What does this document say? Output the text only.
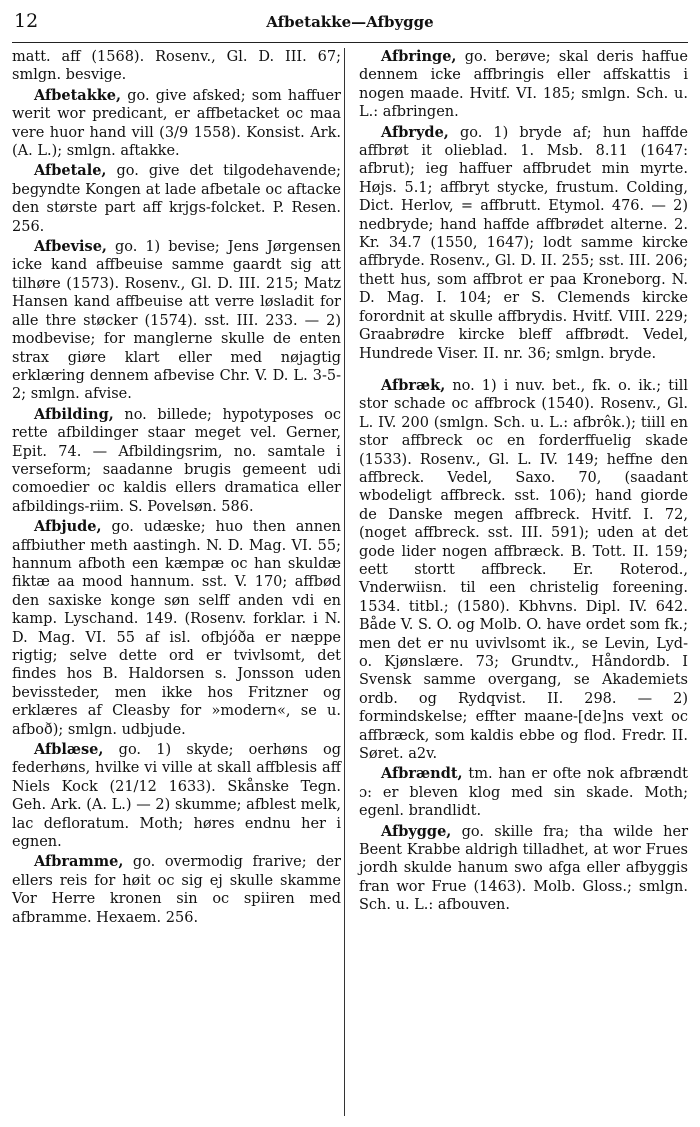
12	Afbetakke—Afbygge

matt. aff (1568). Rosenv., Gl. D. III. 67; smlgn. besvige.

Afbetakke, go. give afsked; som haffuer werit wor predicant, er affbetacket oc maa vere huor hand vill (3/9 1558). Konsist. Ark. (A. L.); smlgn. aftakke.

Afbetale, go. give det tilgodehavende; begyndte Kongen at lade afbetale oc aftacke den største part aff krjgs-folcket. P. Resen. 256.

Afbevise, go. 1) bevise; Jens Jørgensen icke kand affbeuise samme gaardt sig att tilhøre (1573). Rosenv., Gl. D. III. 215; Matz Hansen kand affbeuise att verre løsladit for alle thre støcker (1574). sst. III. 233. — 2) modbevise; for manglerne skulle de enten strax giøre klart eller med nøjagtig erklæring dennem afbevise Chr. V. D. L. 3-5-2; smlgn. afvise.

Afbilding, no. billede; hypotyposes oc rette afbildinger staar meget vel. Gerner, Epit. 74. — Afbildingsrim, no. samtale i verseform; saadanne brugis gemeent udi comoedier oc kaldis ellers dramatica eller afbildings-riim. S. Povelsøn. 586.

Afbjude, go. udæske; huo then annen affbiuther meth aastingh. N. D. Mag. VI. 55; hannum afboth een kæmpæ oc han skuldæ fiktæ aa mood hannum. sst. V. 170; affbød den saxiske konge søn selff anden vdi en kamp. Lyschand. 149. (Rosenv. forklar. i N. D. Mag. VI. 55 af isl. ofbjóða er næppe rigtig; selve dette ord er tvivlsomt, det findes hos B. Haldorsen s. Jonsson uden bevissteder, men ikke hos Fritzner og erklæres af Cleasby for »modern«, se u. afboð); smlgn. udbjude.

Afblæse, go. 1) skyde; oerhøns og federhøns, hvilke vi ville at skall affblesis aff Niels Kock (21/12 1633). Skånske Tegn. Geh. Ark. (A. L.) — 2) skumme; afblest melk, lac defloratum. Moth; høres endnu her i egnen.

Afbramme, go. overmodig frarive; der ellers reis for høit oc sig ej skulle skamme Vor Herre kronen sin oc spiiren med afbramme. Hexaem. 256.

Afbringe, go. berøve; skal deris haffue dennem icke affbringis eller affskattis i nogen maade. Hvitf. VI. 185; smlgn. Sch. u. L.: afbringen.

Afbryde, go. 1) bryde af; hun haffde affbrøt it olieblad. 1. Msb. 8.11 (1647: afbrut); ieg haffuer affbrudet min myrte. Højs. 5.1; affbryt stycke, frustum. Colding, Dict. Herlov, = affbrutt. Etymol. 476. — 2) nedbryde; hand haffde affbrødet alterne. 2. Kr. 34.7 (1550, 1647); lodt samme kircke affbryde. Rosenv., Gl. D. II. 255; sst. III. 206; thett hus, som affbrot er paa Kroneborg. N. D. Mag. I. 104; er S. Clemends kircke forordnit at skulle affbrydis. Hvitf. VIII. 229; Graabrødre kircke bleff affbrødt. Vedel, Hundrede Viser. II. nr. 36; smlgn. bryde.

Afbræk, no. 1) i nuv. bet., fk. o. ik.; till stor schade oc affbrock (1540). Rosenv., Gl. L. IV. 200 (smlgn. Sch. u. L.: afbrôk.); tiill en stor affbreck oc en forderffuelig skade (1533). Rosenv., Gl. L. IV. 149; heffne den affbreck. Vedel, Saxo. 70, (saadant wbodeligt affbreck. sst. 106); hand giorde de Danske megen affbreck. Hvitf. I. 72, (noget affbreck. sst. III. 591); uden at det gode lider nogen affbræck. B. Tott. II. 159; eett stortt affbreck. Er. Roterod., Vnderwiisn. til een christelig foreening. 1534. titbl.; (1580). Kbhvns. Dipl. IV. 642. Både V. S. O. og Molb. O. have ordet som fk.; men det er nu uvivlsomt ik., se Levin, Lyd- o. Kjønslære. 73; Grundtv., Håndordb. I Svensk samme overgang, se Akademiets ordb. og Rydqvist. II. 298. — 2) formindskelse; effter maane-[de]ns vext oc affbræck, som kaldis ebbe og flod. Fredr. II. Søret. a2v.

Afbrændt, tm. han er ofte nok afbrændt ɔ: er bleven klog med sin skade. Moth; egenl. brandlidt.

Afbygge, go. skille fra; tha wilde her Beent Krabbe aldrigh tilladhet, at wor Frues jordh skulde hanum swo afga eller afbyggis fran wor Frue (1463). Molb. Gloss.; smlgn. Sch. u. L.: afbouven.
